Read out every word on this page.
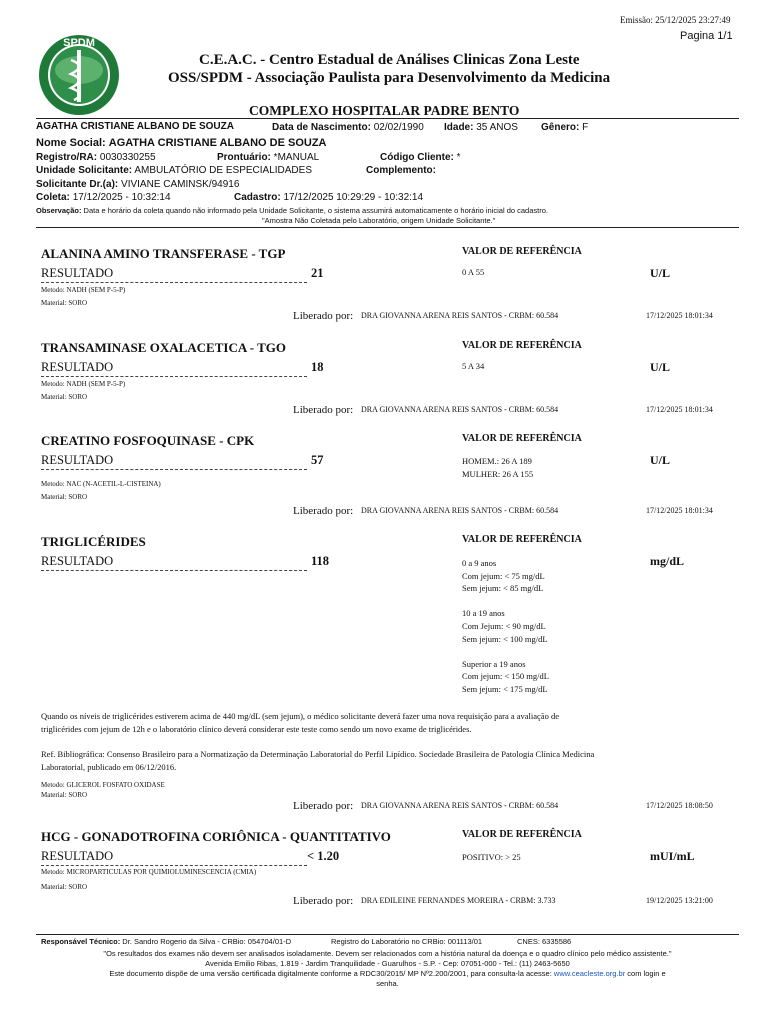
Emissão: 25/12/2025 23:27:49
Pagina 1/1
SPDM
C.E.A.C. - Centro Estadual de Análises Clinicas Zona Leste
OSS/SPDM - Associação Paulista para Desenvolvimento da Medicina
COMPLEXO HOSPITALAR PADRE BENTO
AGATHA CRISTIANE ALBANO DE SOUZA	Data de Nascimento: 02/02/1990 Idade: 35 ANOS Gênero: F
Nome Social: AGATHA CRISTIANE ALBANO DE SOUZA
Registro/RA: 0030330255	Prontuário: *MANUAL	Código Cliente: *
Unidade Solicitante: AMBULATÓRIO DE ESPECIALIDADES	Complemento:
Solicitante Dr.(a): VIVIANE CAMINSK/94916
Coleta: 17/12/2025 - 10:32:14	Cadastro: 17/12/2025 10:29:29 - 10:32:14
Observação: Data e horário da coleta quando não informado pela Unidade Solicitante, o sistema assumirá automaticamente o horário inicial do cadastro.
"Amostra Não Coletada pelo Laboratório, origem Unidade Solicitante."
ALANINA AMINO TRANSFERASE - TGP
RESULTADO	21
VALOR DE REFERÊNCIA
0 A 55	U/L
Metodo: NADH (SEM P-5-P)
Material: SORO
Liberado por: DRA GIOVANNA ARENA REIS SANTOS - CRBM: 60.584	17/12/2025 18:01:34
TRANSAMINASE OXALACETICA - TGO
RESULTADO	18
VALOR DE REFERÊNCIA
5 A 34	U/L
Metodo: NADH (SEM P-5-P)
Material: SORO
Liberado por: DRA GIOVANNA ARENA REIS SANTOS - CRBM: 60.584	17/12/2025 18:01:34
CREATINO FOSFOQUINASE - CPK
RESULTADO	57
VALOR DE REFERÊNCIA
HOMEM.: 26 A 189
MULHER: 26 A 155
U/L
Metodo: NAC (N-ACETIL-L-CISTEINA)
Material: SORO
Liberado por: DRA GIOVANNA ARENA REIS SANTOS - CRBM: 60.584	17/12/2025 18:01:34
TRIGLICÉRIDES
RESULTADO	118
VALOR DE REFERÊNCIA
0 a 9 anos
Com jejum: < 75 mg/dL
Sem jejum: < 85 mg/dL

10 a 19 anos
Com Jejum: < 90 mg/dL
Sem jejum: < 100 mg/dL

Superior a 19 anos
Com jejum: < 150 mg/dL
Sem jejum: < 175 mg/dL
mg/dL
Metodo: GLICEROL FOSFATO OXIDASE
Material: SORO
Quando os níveis de triglicérides estiverem acima de 440 mg/dL (sem jejum), o médico solicitante deverá fazer uma nova requisição para a avaliação de triglicérides com jejum de 12h e o laboratório clínico deverá considerar este teste como sendo um novo exame de triglicérides.
Ref. Bibliográfica: Consenso Brasileiro para a Normatização da Determinação Laboratorial do Perfil Lipídico. Sociedade Brasileira de Patologia Clínica Medicina Laboratorial, publicado em 06/12/2016.
Liberado por: DRA GIOVANNA ARENA REIS SANTOS - CRBM: 60.584	17/12/2025 18:08:50
HCG - GONADOTROFINA CORIÔNICA - QUANTITATIVO
RESULTADO	< 1.20
VALOR DE REFERÊNCIA
POSITIVO: > 25	mUI/mL
Metodo: MICROPARTICULAS POR QUIMIOLUMINESCENCIA (CMIA)
Material: SORO
Liberado por: DRA EDILEINE FERNANDES MOREIRA - CRBM: 3.733	19/12/2025 13:21:00
Responsável Técnico: Dr. Sandro Rogerio da Silva - CRBio: 054704/01-D	Registro do Laboratório no CRBio: 001113/01	CNES: 6335586
"Os resultados dos exames não devem ser analisados isoladamente. Devem ser relacionados com a história natural da doença e o quadro clínico pelo médico assistente."
Avenida Emilio Ribas, 1.819 - Jardim Tranquilidade - Guarulhos - S.P. - Cep: 07051-000 - Tel.: (11) 2463-5650
Este documento dispõe de uma versão certificada digitalmente conforme a RDC30/2015/ MP Nº2.200/2001, para consulta-la acesse: www.ceacleste.org.br com login e
senha.
